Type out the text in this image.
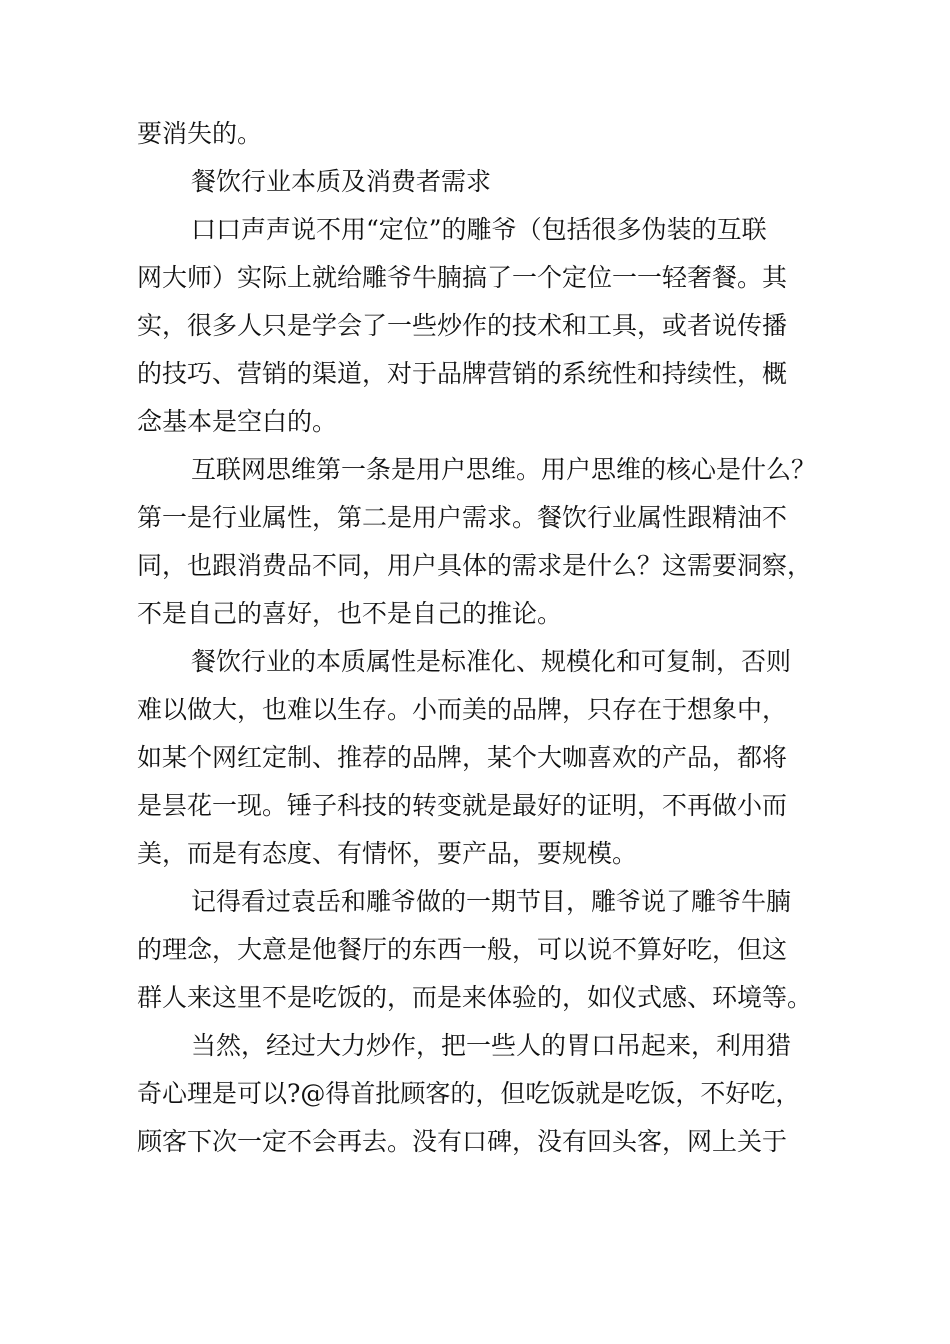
要消失的。
餐饮行业本质及消费者需求
口口声声说不用“定位”的雕爷（包括很多伪装的互联
网大师）实际上就给雕爷牛腩搞了一个定位一一轻奢餐。其
实，很多人只是学会了一些炒作的技术和工具，或者说传播
的技巧、营销的渠道，对于品牌营销的系统性和持续性，概
念基本是空白的。
互联网思维第一条是用户思维。用户思维的核心是什么？
第一是行业属性，第二是用户需求。餐饮行业属性跟精油不
同，也跟消费品不同，用户具体的需求是什么？这需要洞察，
不是自己的喜好，也不是自己的推论。
餐饮行业的本质属性是标准化、规模化和可复制，否则
难以做大，也难以生存。小而美的品牌，只存在于想象中，
如某个网红定制、推荐的品牌，某个大咖喜欢的产品，都将
是昙花一现。锤子科技的转变就是最好的证明，不再做小而
美，而是有态度、有情怀，要产品，要规模。
记得看过袁岳和雕爷做的一期节目，雕爷说了雕爷牛腩
的理念，大意是他餐厅的东西一般，可以说不算好吃，但这
群人来这里不是吃饭的，而是来体验的，如仪式感、环境等。
当然，经过大力炒作，把一些人的胃口吊起来，利用猎
奇心理是可以?@得首批顾客的，但吃饭就是吃饭，不好吃，
顾客下次一定不会再去。没有口碑，没有回头客，网上关于
